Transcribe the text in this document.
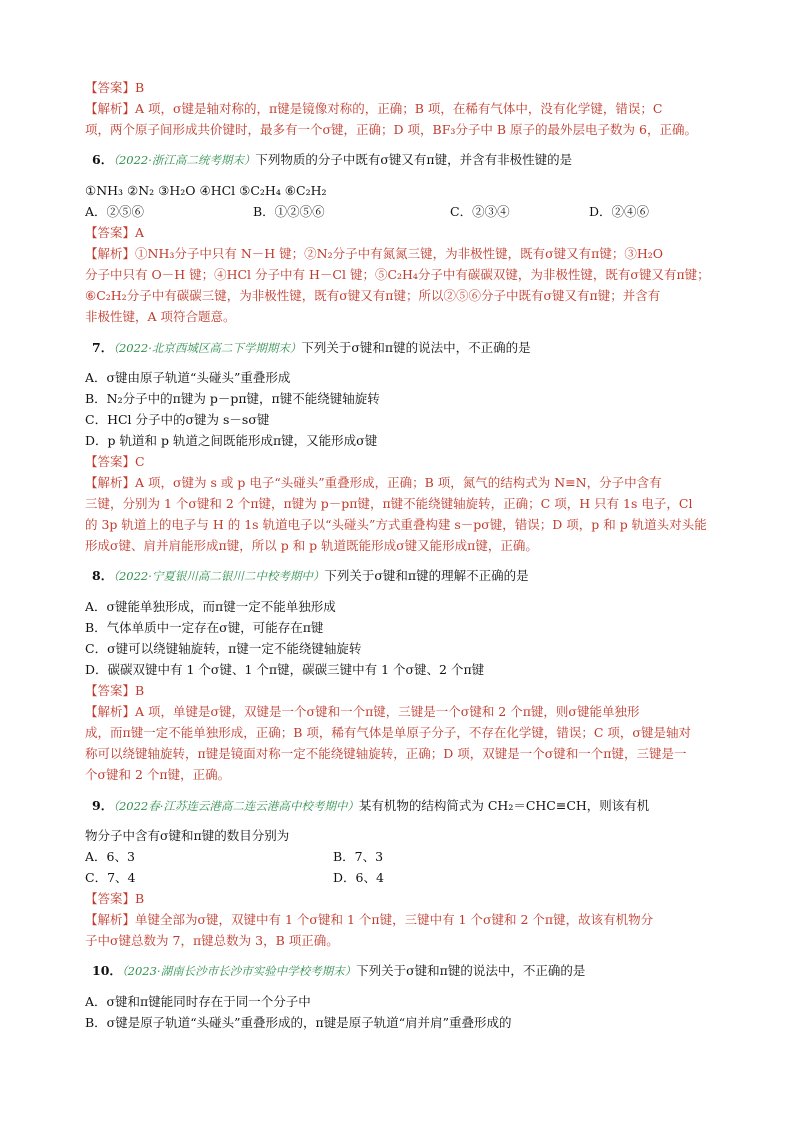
【答案】B
【解析】A 项，σ键是轴对称的，π键是镜像对称的，正确；B 项，在稀有气体中，没有化学键，错误；C
项，两个原子间形成共价键时，最多有一个σ键，正确；D 项，BF₃分子中 B 原子的最外层电子数为 6，正确。
6．（2022·浙江高二统考期末）下列物质的分子中既有σ键又有π键，并含有非极性键的是
①NH₃ ②N₂ ③H₂O ④HCl ⑤C₂H₄ ⑥C₂H₂
A．②⑤⑥	B．①②⑤⑥	C．②③④	D．②④⑥
【答案】A
【解析】①NH₃分子中只有 N－H 键；②N₂分子中有氮氮三键，为非极性键，既有σ键又有π键；③H₂O
分子中只有 O－H 键；④HCl 分子中有 H－Cl 键；⑤C₂H₄分子中有碳碳双键，为非极性键，既有σ键又有π键；
⑥C₂H₂分子中有碳碳三键，为非极性键，既有σ键又有π键；所以②⑤⑥分子中既有σ键又有π键；并含有
非极性键，A 项符合题意。
7．（2022·北京西城区高二下学期期末）下列关于σ键和π键的说法中，不正确的是
A．σ键由原子轨道“头碰头”重叠形成
B．N₂分子中的π键为 p－pπ键，π键不能绕键轴旋转
C．HCl 分子中的σ键为 s－sσ键
D．p 轨道和 p 轨道之间既能形成π键，又能形成σ键
【答案】C
【解析】A 项，σ键为 s 或 p 电子“头碰头”重叠形成，正确；B 项，氮气的结构式为 N≡N，分子中含有
三键，分别为 1 个σ键和 2 个π键，π键为 p－pπ键，π键不能绕键轴旋转，正确；C 项，H 只有 1s 电子，Cl
的 3p 轨道上的电子与 H 的 1s 轨道电子以“头碰头”方式重叠构建 s－pσ键，错误；D 项，p 和 p 轨道头对头能
形成σ键、肩并肩能形成π键，所以 p 和 p 轨道既能形成σ键又能形成π键，正确。
8．（2022·宁夏银川高二银川二中校考期中）下列关于σ键和π键的理解不正确的是
A．σ键能单独形成，而π键一定不能单独形成
B．气体单质中一定存在σ键，可能存在π键
C．σ键可以绕键轴旋转，π键一定不能绕键轴旋转
D．碳碳双键中有 1 个σ键、1 个π键，碳碳三键中有 1 个σ键、2 个π键
【答案】B
【解析】A 项，单键是σ键，双键是一个σ键和一个π键，三键是一个σ键和 2 个π键，则σ键能单独形
成，而π键一定不能单独形成，正确；B 项，稀有气体是单原子分子，不存在化学键，错误；C 项，σ键是轴对
称可以绕键轴旋转，π键是镜面对称一定不能绕键轴旋转，正确；D 项，双键是一个σ键和一个π键，三键是一
个σ键和 2 个π键，正确。
9．（2022春·江苏连云港高二连云港高中校考期中）某有机物的结构简式为 CH₂＝CHC≡CH，则该有机
物分子中含有σ键和π键的数目分别为
A．6、3	B．7、3
C．7、4	D．6、4
【答案】B
【解析】单键全部为σ键，双键中有 1 个σ键和 1 个π键，三键中有 1 个σ键和 2 个π键，故该有机物分
子中σ键总数为 7，π键总数为 3，B 项正确。
10．（2023·湖南长沙市长沙市实验中学校考期末）下列关于σ键和π键的说法中，不正确的是
A．σ键和π键能同时存在于同一个分子中
B．σ键是原子轨道“头碰头”重叠形成的，π键是原子轨道“肩并肩”重叠形成的
